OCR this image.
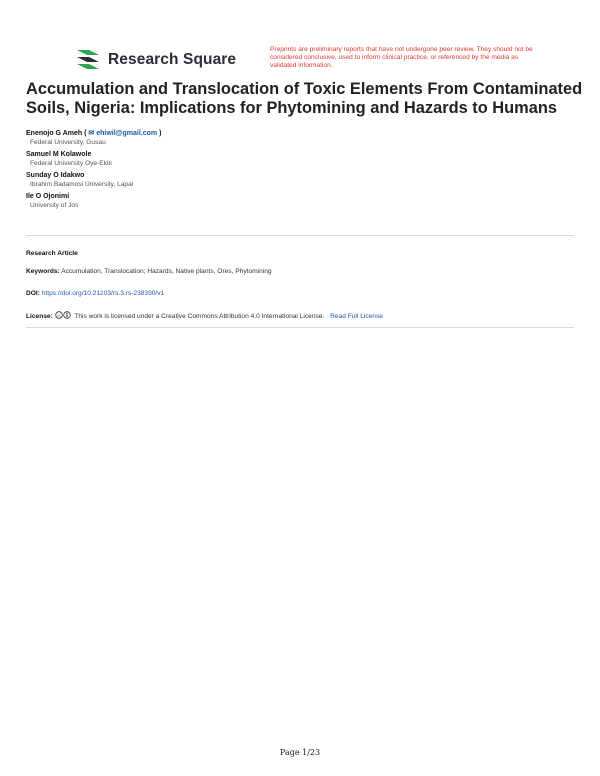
Research Square
Preprints are preliminary reports that have not undergone peer review. They should not be considered conclusive, used to inform clinical practice, or referenced by the media as validated information.
Accumulation and Translocation of Toxic Elements From Contaminated Soils, Nigeria: Implications for Phytomining and Hazards to Humans
Enenojo G Ameh ( ✉ ehiwil@gmail.com )
Federal University, Gusau
Samuel M Kolawole
Federal University Oye-Ekiti
Sunday O Idakwo
Ibrahim Badamosi University, Lapai
Ile O Ojonimi
University of Jos
Research Article
Keywords: Accumulation, Translocation; Hazards, Native plants, Ores, Phytomining
DOI: https://doi.org/10.21203/rs.3.rs-238390/v1
License: cc This work is licensed under a Creative Commons Attribution 4.0 International License. Read Full License
Page 1/23
